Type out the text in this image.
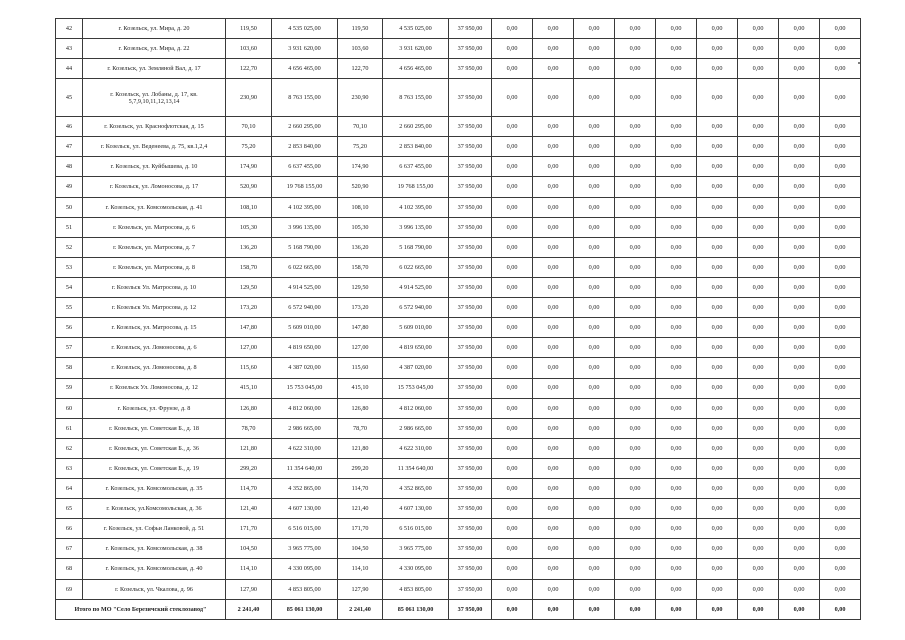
42	г. Козельск, ул. Мира, д. 20	119,50	4 535 025,00	119,50	4 535 025,00	37 950,00	0,00	0,00	0,00	0,00	0,00	0,00	0,00	0,00	0,00
43	г. Козельск, ул. Мира, д. 22	103,60	3 931 620,00	103,60	3 931 620,00	37 950,00	0,00	0,00	0,00	0,00	0,00	0,00	0,00	0,00	0,00
44	г. Козельск, ул. Земляной Вал, д. 17	122,70	4 656 465,00	122,70	4 656 465,00	37 950,00	0,00	0,00	0,00	0,00	0,00	0,00	0,00	0,00	0,00
45	г. Козельск, ул. Лобаны, д. 17, кв. 5,7,9,10,11,12,13,14	230,90	8 763 155,00	230,90	8 763 155,00	37 950,00	0,00	0,00	0,00	0,00	0,00	0,00	0,00	0,00	0,00
46	г. Козельск, ул. Краснофлотская, д. 15	70,10	2 660 295,00	70,10	2 660 295,00	37 950,00	0,00	0,00	0,00	0,00	0,00	0,00	0,00	0,00	0,00
47	г. Козельск, ул. Веденеева, д. 75, кв.1,2,4	75,20	2 853 840,00	75,20	2 853 840,00	37 950,00	0,00	0,00	0,00	0,00	0,00	0,00	0,00	0,00	0,00
48	г. Козельск, ул. Куйбышева, д. 10	174,90	6 637 455,00	174,90	6 637 455,00	37 950,00	0,00	0,00	0,00	0,00	0,00	0,00	0,00	0,00	0,00
49	г. Козельск, ул. Ломоносова, д. 17	520,90	19 768 155,00	520,90	19 768 155,00	37 950,00	0,00	0,00	0,00	0,00	0,00	0,00	0,00	0,00	0,00
50	г. Козельск, ул. Комсомольская, д. 41	108,10	4 102 395,00	108,10	4 102 395,00	37 950,00	0,00	0,00	0,00	0,00	0,00	0,00	0,00	0,00	0,00
51	г. Козельск, ул. Матросова, д. 6	105,30	3 996 135,00	105,30	3 996 135,00	37 950,00	0,00	0,00	0,00	0,00	0,00	0,00	0,00	0,00	0,00
52	г. Козельск, ул. Матросова, д. 7	136,20	5 168 790,00	136,20	5 168 790,00	37 950,00	0,00	0,00	0,00	0,00	0,00	0,00	0,00	0,00	0,00
53	г. Козельск, ул. Матросова, д. 8	158,70	6 022 665,00	158,70	6 022 665,00	37 950,00	0,00	0,00	0,00	0,00	0,00	0,00	0,00	0,00	0,00
54	г. Козельск Ул. Матросова, д. 10	129,50	4 914 525,00	129,50	4 914 525,00	37 950,00	0,00	0,00	0,00	0,00	0,00	0,00	0,00	0,00	0,00
55	г. Козельск Ул. Матросова, д. 12	173,20	6 572 940,00	173,20	6 572 940,00	37 950,00	0,00	0,00	0,00	0,00	0,00	0,00	0,00	0,00	0,00
56	г. Козельск, ул. Матросова, д. 15	147,80	5 609 010,00	147,80	5 609 010,00	37 950,00	0,00	0,00	0,00	0,00	0,00	0,00	0,00	0,00	0,00
57	г. Козельск, ул. Ломоносова, д. 6	127,00	4 819 650,00	127,00	4 819 650,00	37 950,00	0,00	0,00	0,00	0,00	0,00	0,00	0,00	0,00	0,00
58	г. Козельск, ул. Ломоносова, д. 8	115,60	4 387 020,00	115,60	4 387 020,00	37 950,00	0,00	0,00	0,00	0,00	0,00	0,00	0,00	0,00	0,00
59	г. Козельск Ул. Ломоносова, д. 12	415,10	15 753 045,00	415,10	15 753 045,00	37 950,00	0,00	0,00	0,00	0,00	0,00	0,00	0,00	0,00	0,00
60	г. Козельск, ул. Фрунзе, д. 8	126,80	4 812 060,00	126,80	4 812 060,00	37 950,00	0,00	0,00	0,00	0,00	0,00	0,00	0,00	0,00	0,00
61	г. Козельск, ул. Советская Б., д. 18	78,70	2 986 665,00	78,70	2 986 665,00	37 950,00	0,00	0,00	0,00	0,00	0,00	0,00	0,00	0,00	0,00
62	г. Козельск, ул. Советская Б., д. 36	121,80	4 622 310,00	121,80	4 622 310,00	37 950,00	0,00	0,00	0,00	0,00	0,00	0,00	0,00	0,00	0,00
63	г. Козельск, ул. Советская Б., д. 19	299,20	11 354 640,00	299,20	11 354 640,00	37 950,00	0,00	0,00	0,00	0,00	0,00	0,00	0,00	0,00	0,00
64	г. Козельск, ул. Комсомольская, д. 35	114,70	4 352 865,00	114,70	4 352 865,00	37 950,00	0,00	0,00	0,00	0,00	0,00	0,00	0,00	0,00	0,00
65	г. Козельск, ул.Комсомольская, д. 36	121,40	4 607 130,00	121,40	4 607 130,00	37 950,00	0,00	0,00	0,00	0,00	0,00	0,00	0,00	0,00	0,00
66	г. Козельск, ул. Софьи Ланковой, д. 51	171,70	6 516 015,00	171,70	6 516 015,00	37 950,00	0,00	0,00	0,00	0,00	0,00	0,00	0,00	0,00	0,00
67	г. Козельск, ул. Комсомольская, д. 38	104,50	3 965 775,00	104,50	3 965 775,00	37 950,00	0,00	0,00	0,00	0,00	0,00	0,00	0,00	0,00	0,00
68	г. Козельск, ул. Комсомольская, д. 40	114,10	4 330 095,00	114,10	4 330 095,00	37 950,00	0,00	0,00	0,00	0,00	0,00	0,00	0,00	0,00	0,00
69	г. Козельск, ул. Чкалова, д. 96	127,90	4 853 805,00	127,90	4 853 805,00	37 950,00	0,00	0,00	0,00	0,00	0,00	0,00	0,00	0,00	0,00
Итого по МО "Село Березичский стеклозавод"		2 241,40	85 061 130,00	2 241,40	85 061 130,00	37 950,00	0,00	0,00	0,00	0,00	0,00	0,00	0,00	0,00	0,00
